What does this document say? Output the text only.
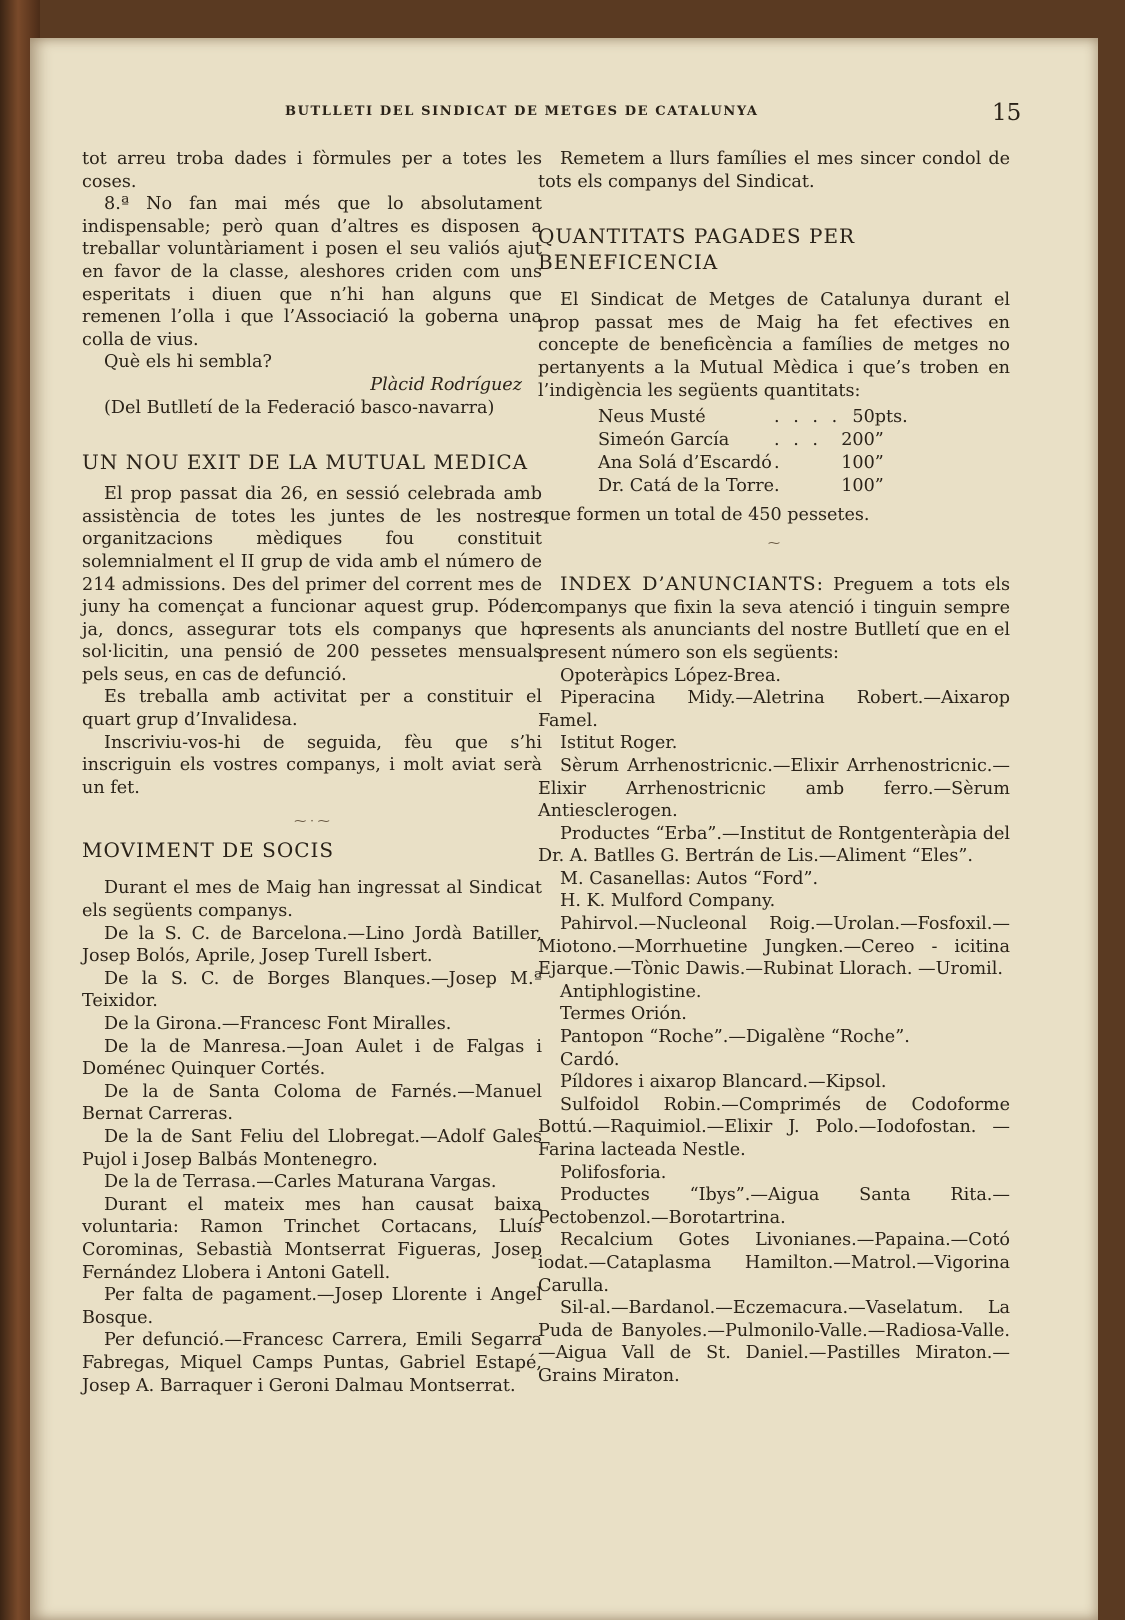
BUTLLETI DEL SINDICAT DE METGES DE CATALUNYA	15

tot arreu troba dades i fòrmules per a totes les coses.

8.ª No fan mai més que lo absolutament indispensable; però quan d’altres es disposen a treballar voluntàriament i posen el seu valiós ajut en favor de la classe, aleshores criden com uns esperitats i diuen que n’hi han alguns que remenen l’olla i que l’Associació la goberna una colla de vius.

Què els hi sembla?

Plàcid Rodríguez

(Del Butlletí de la Federació basco-navarra)

UN NOU EXIT DE LA MUTUAL MEDICA

El prop passat dia 26, en sessió celebrada amb assistència de totes les juntes de les nostres organitzacions mèdiques fou constituit solemnialment el II grup de vida amb el número de 214 admissions. Des del primer del corrent mes de juny ha començat a funcionar aquest grup. Póden ja, doncs, assegurar tots els companys que ho sol·licitin, una pensió de 200 pessetes mensuals pels seus, en cas de defunció.

Es treballa amb activitat per a constituir el quart grup d’Invalidesa.

Inscriviu-vos-hi de seguida, fèu que s’hi inscriguin els vostres companys, i molt aviat serà un fet.

⁓ · ⁓
MOVIMENT DE SOCIS

Durant el mes de Maig han ingressat al Sindicat els següents companys.

De la S. C. de Barcelona.—Lino Jordà Batiller, Josep Bolós, Aprile, Josep Turell Isbert.

De la S. C. de Borges Blanques.—Josep M.ª Teixidor.

De la Girona.—Francesc Font Miralles.

De la de Manresa.—Joan Aulet i de Falgas i Doménec Quinquer Cortés.

De la de Santa Coloma de Farnés.—Manuel Bernat Carreras.

De la de Sant Feliu del Llobregat.—Adolf Gales Pujol i Josep Balbás Montenegro.

De la de Terrasa.—Carles Maturana Vargas.

Durant el mateix mes han causat baixa voluntaria: Ramon Trinchet Cortacans, Lluís Corominas, Sebastià Montserrat Figueras, Josep Fernández Llobera i Antoni Gatell.

Per falta de pagament.—Josep Llorente i Angel Bosque.

Per defunció.—Francesc Carrera, Emili Segarra Fabregas, Miquel Camps Puntas, Gabriel Estapé, Josep A. Barraquer i Geroni Dalmau Montserrat.

Remetem a llurs famílies el mes sincer condol de tots els companys del Sindicat.

QUANTITATS PAGADES PER BENEFICENCIA

El Sindicat de Metges de Catalunya durant el prop passat mes de Maig ha fet efectives en concepte de beneficència a famílies de metges no pertanyents a la Mutual Mèdica i que’s troben en l’indigència les següents quantitats:

Neus Musté	. . . .	50	pts.
Simeón García	. . .	200	”
Ana Solá d’Escardó	.	100	”
Dr. Catá de la Torre	.	100	”

que formen un total de 450 pessetes.

⁓

INDEX D’ANUNCIANTS: Preguem a tots els companys que fixin la seva atenció i tinguin sempre presents als anunciants del nostre Butlletí que en el present número son els següents:

Opoteràpics López-Brea.

Piperacina Midy.—Aletrina Robert.—Aixarop Famel.

Istitut Roger.

Sèrum Arrhenostricnic.—Elixir Arrhenostricnic.—Elixir Arrhenostricnic amb ferro.—Sèrum Antiesclerogen.

Productes “Erba”.—Institut de Rontgenteràpia del Dr. A. Batlles G. Bertrán de Lis.—Aliment “Eles”.

M. Casanellas: Autos “Ford”.

H. K. Mulford Company.

Pahirvol.—Nucleonal Roig.—Urolan.—Fosfoxil.—Miotono.—Morrhuetine Jungken.—Cereo - icitina Ejarque.—Tònic Dawis.—Rubinat Llorach. —Uromil.

Antiphlogistine.

Termes Orión.

Pantopon “Roche”.—Digalène “Roche”.

Cardó.

Píldores i aixarop Blancard.—Kipsol.

Sulfoidol Robin.—Comprimés de Codoforme Bottú.—Raquimiol.—Elixir J. Polo.—Iodofostan. —Farina lacteada Nestle.

Polifosforia.

Productes “Ibys”.—Aigua Santa Rita.—Pectobenzol.—Borotartrina.

Recalcium Gotes Livonianes.—Papaina.—Cotó iodat.—Cataplasma Hamilton.—Matrol.—Vigorina Carulla.

Sil-al.—Bardanol.—Eczemacura.—Vaselatum. La Puda de Banyoles.—Pulmonilo-Valle.—Radiosa-Valle.—Aigua Vall de St. Daniel.—Pastilles Miraton.—Grains Miraton.
